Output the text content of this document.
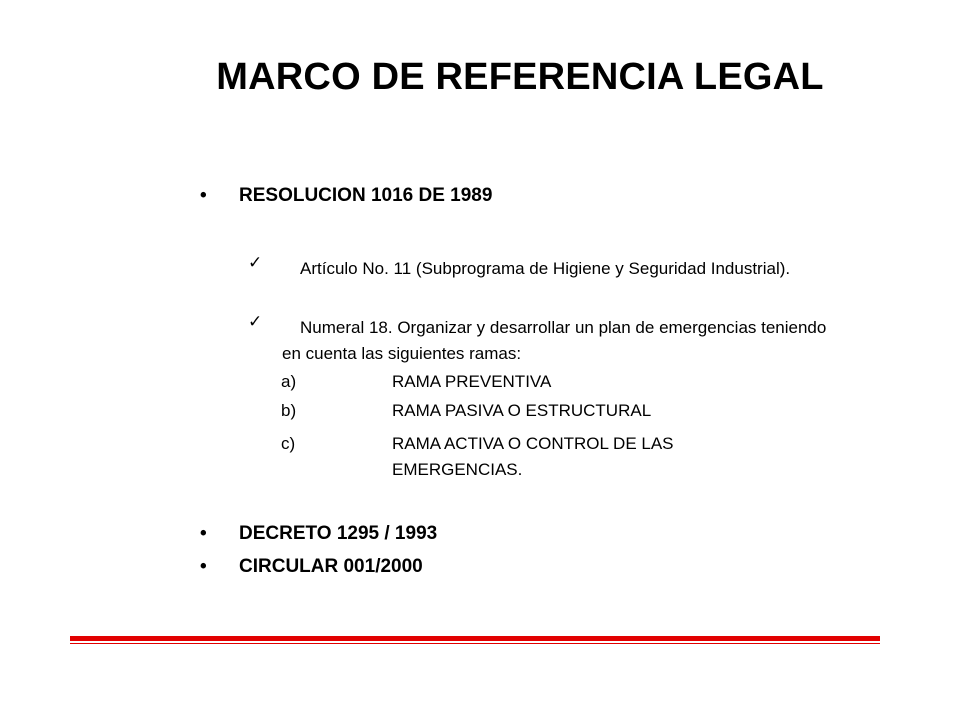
MARCO DE REFERENCIA LEGAL
•	RESOLUCION 1016 DE 1989
✓	Artículo No. 11 (Subprograma de Higiene y Seguridad Industrial).
✓	Numeral 18. Organizar y desarrollar un plan de emergencias teniendo en cuenta las siguientes ramas:
a)	RAMA PREVENTIVA
b)	RAMA PASIVA O ESTRUCTURAL
c)	RAMA ACTIVA O CONTROL DE LAS EMERGENCIAS.
•	DECRETO 1295 / 1993
•	CIRCULAR 001/2000
